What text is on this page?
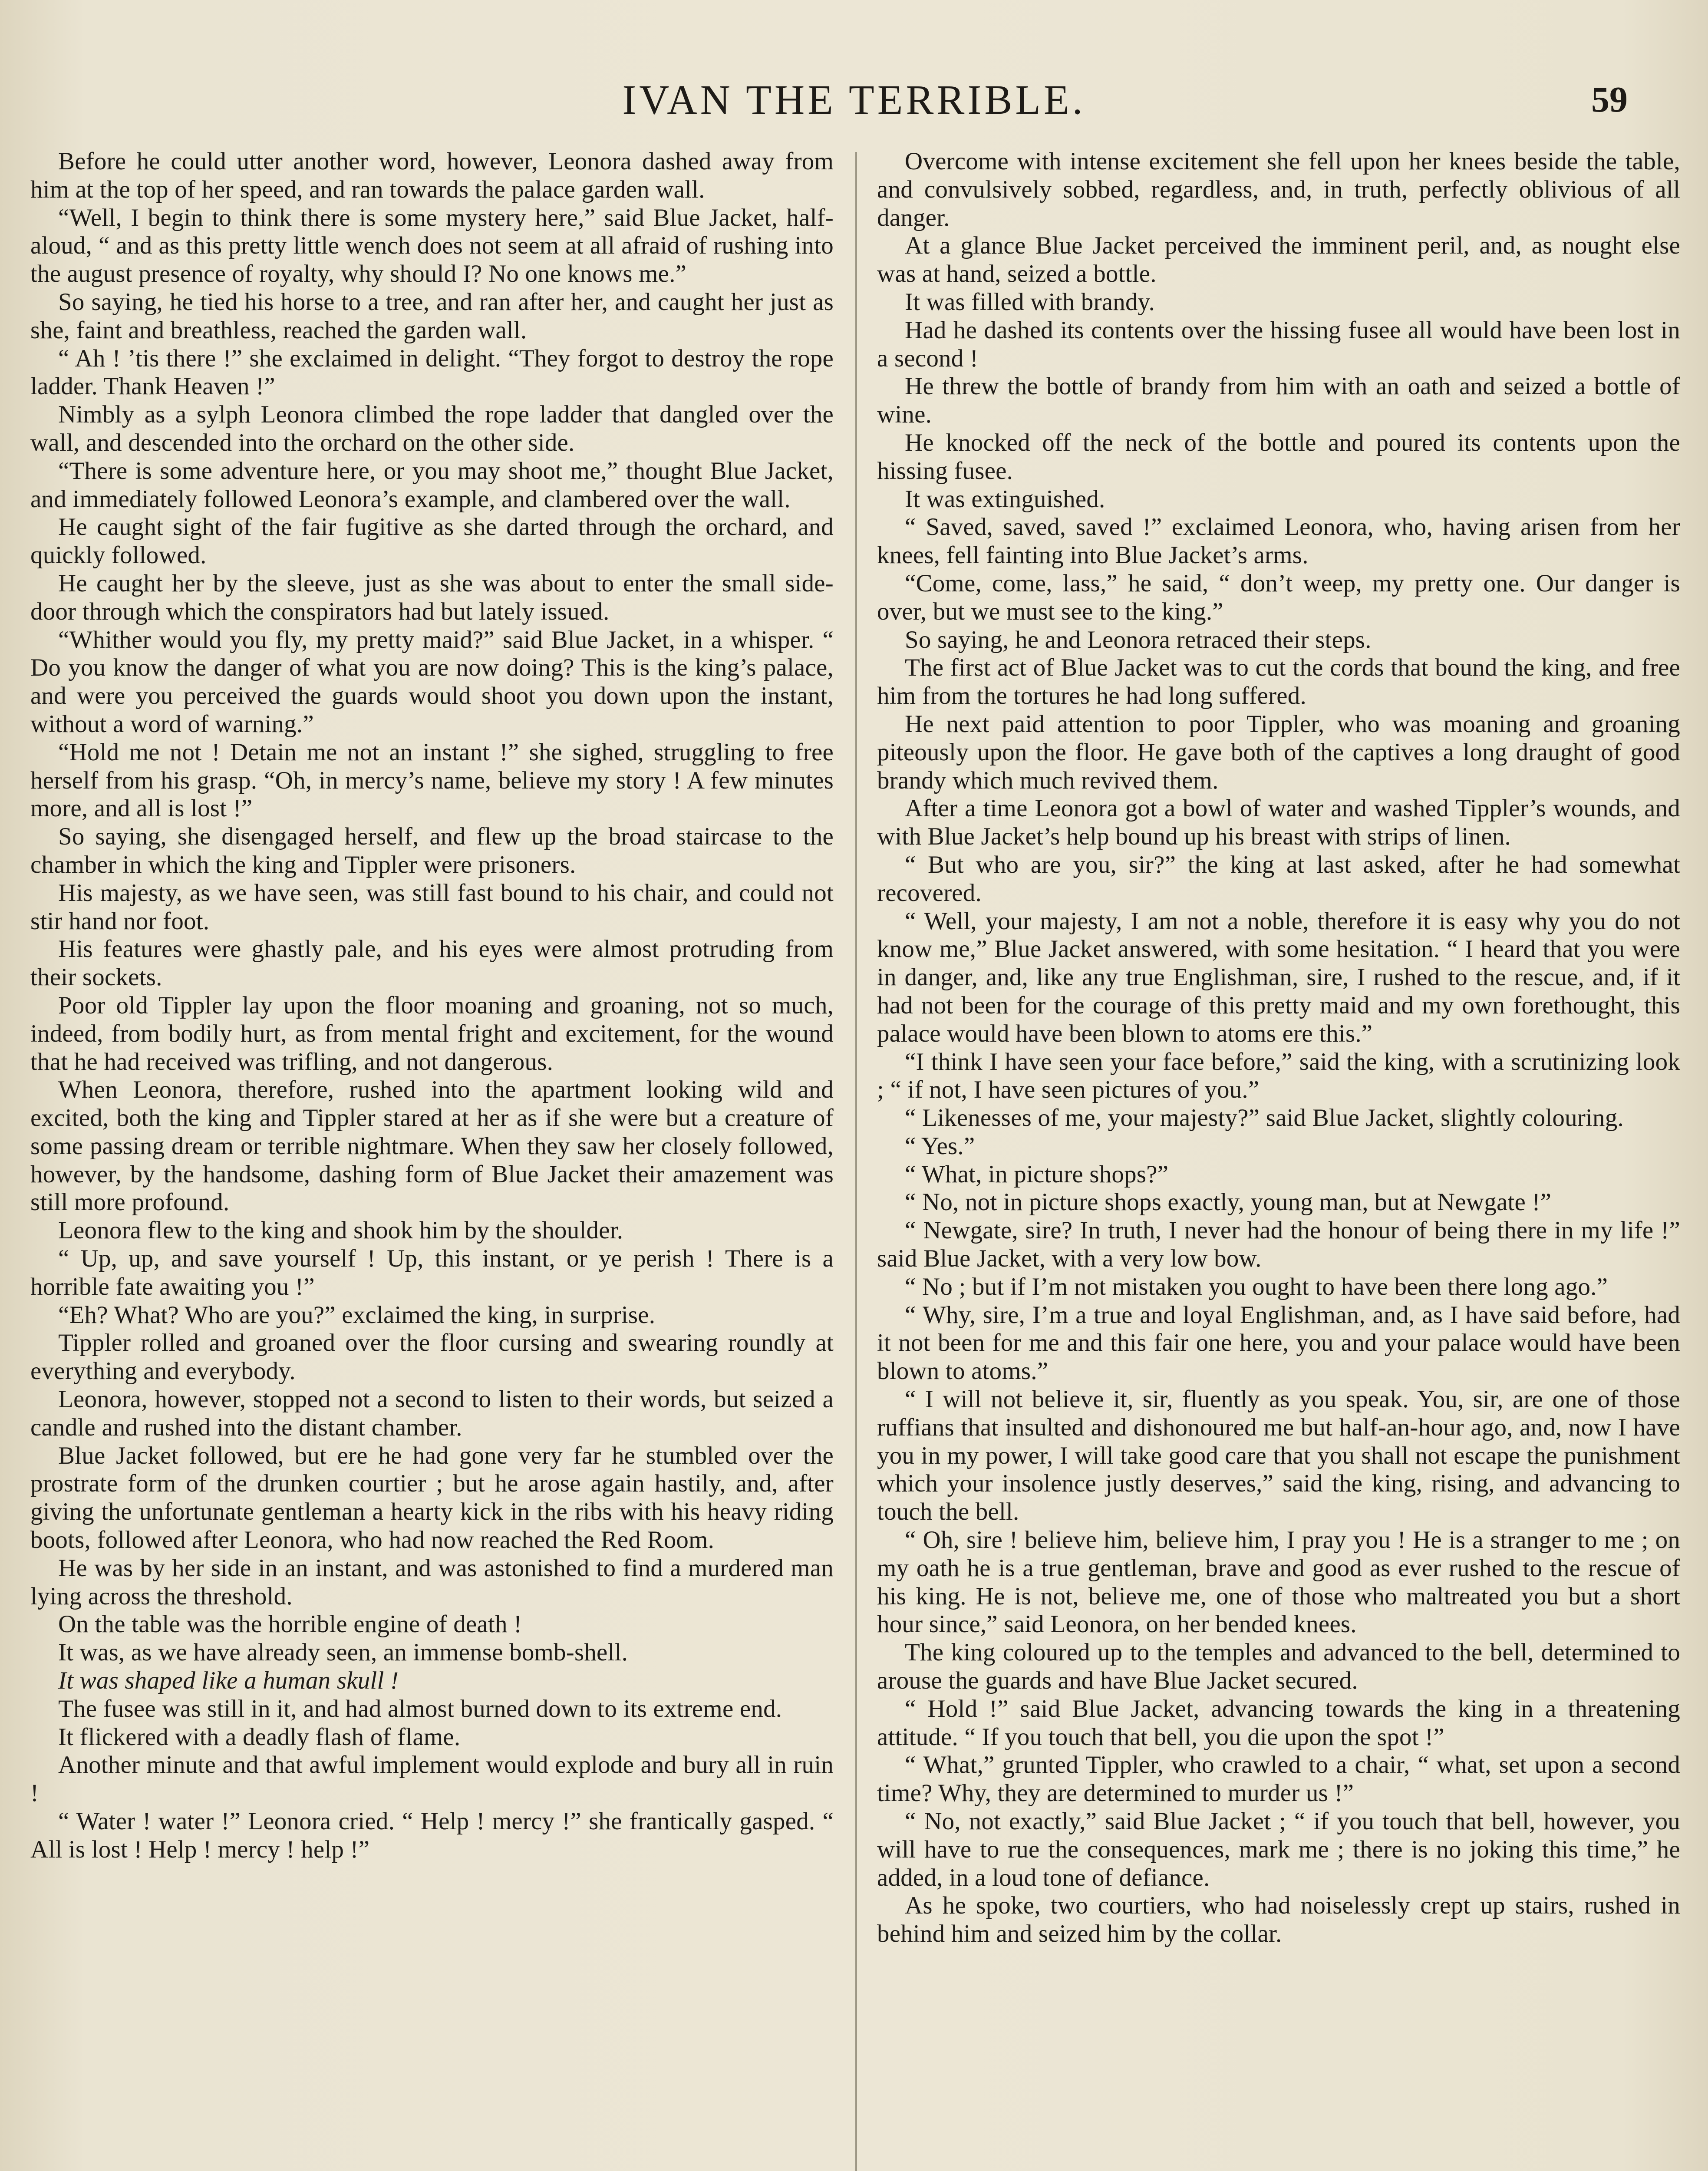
IVAN THE TERRIBLE.	59

Before he could utter another word, however, Leonora dashed away from him at the top of her speed, and ran towards the palace garden wall.

“Well, I begin to think there is some mystery here,” said Blue Jacket, half-aloud, “ and as this pretty little wench does not seem at all afraid of rushing into the august presence of royalty, why should I? No one knows me.”

So saying, he tied his horse to a tree, and ran after her, and caught her just as she, faint and breathless, reached the garden wall.

“ Ah ! ’tis there !” she exclaimed in delight. “They forgot to destroy the rope ladder. Thank Heaven !”

Nimbly as a sylph Leonora climbed the rope ladder that dangled over the wall, and descended into the orchard on the other side.

“There is some adventure here, or you may shoot me,” thought Blue Jacket, and immediately followed Leonora’s example, and clambered over the wall.

He caught sight of the fair fugitive as she darted through the orchard, and quickly followed.

He caught her by the sleeve, just as she was about to enter the small side-door through which the conspirators had but lately issued.

“Whither would you fly, my pretty maid?” said Blue Jacket, in a whisper. “ Do you know the danger of what you are now doing? This is the king’s palace, and were you perceived the guards would shoot you down upon the instant, without a word of warning.”

“Hold me not ! Detain me not an instant !” she sighed, struggling to free herself from his grasp. “Oh, in mercy’s name, believe my story ! A few minutes more, and all is lost !”

So saying, she disengaged herself, and flew up the broad staircase to the chamber in which the king and Tippler were prisoners.

His majesty, as we have seen, was still fast bound to his chair, and could not stir hand nor foot.

His features were ghastly pale, and his eyes were almost protruding from their sockets.

Poor old Tippler lay upon the floor moaning and groaning, not so much, indeed, from bodily hurt, as from mental fright and excitement, for the wound that he had received was trifling, and not dangerous.

When Leonora, therefore, rushed into the apartment looking wild and excited, both the king and Tippler stared at her as if she were but a creature of some passing dream or terrible nightmare. When they saw her closely followed, however, by the handsome, dashing form of Blue Jacket their amazement was still more profound.

Leonora flew to the king and shook him by the shoulder.

“ Up, up, and save yourself ! Up, this instant, or ye perish ! There is a horrible fate awaiting you !”

“Eh? What? Who are you?” exclaimed the king, in surprise.

Tippler rolled and groaned over the floor cursing and swearing roundly at everything and everybody.

Leonora, however, stopped not a second to listen to their words, but seized a candle and rushed into the distant chamber.

Blue Jacket followed, but ere he had gone very far he stumbled over the prostrate form of the drunken courtier ; but he arose again hastily, and, after giving the unfortunate gentleman a hearty kick in the ribs with his heavy riding boots, followed after Leonora, who had now reached the Red Room.

He was by her side in an instant, and was astonished to find a murdered man lying across the threshold.

On the table was the horrible engine of death !

It was, as we have already seen, an immense bomb-shell.

It was shaped like a human skull !

The fusee was still in it, and had almost burned down to its extreme end.

It flickered with a deadly flash of flame.

Another minute and that awful implement would explode and bury all in ruin !

“ Water ! water !” Leonora cried. “ Help ! mercy !” she frantically gasped. “ All is lost ! Help ! mercy ! help !”

Overcome with intense excitement she fell upon her knees beside the table, and convulsively sobbed, regardless, and, in truth, perfectly oblivious of all danger.

At a glance Blue Jacket perceived the imminent peril, and, as nought else was at hand, seized a bottle.

It was filled with brandy.

Had he dashed its contents over the hissing fusee all would have been lost in a second !

He threw the bottle of brandy from him with an oath and seized a bottle of wine.

He knocked off the neck of the bottle and poured its contents upon the hissing fusee.

It was extinguished.

“ Saved, saved, saved !” exclaimed Leonora, who, having arisen from her knees, fell fainting into Blue Jacket’s arms.

“Come, come, lass,” he said, “ don’t weep, my pretty one. Our danger is over, but we must see to the king.”

So saying, he and Leonora retraced their steps.

The first act of Blue Jacket was to cut the cords that bound the king, and free him from the tortures he had long suffered.

He next paid attention to poor Tippler, who was moaning and groaning piteously upon the floor. He gave both of the captives a long draught of good brandy which much revived them.

After a time Leonora got a bowl of water and washed Tippler’s wounds, and with Blue Jacket’s help bound up his breast with strips of linen.

“ But who are you, sir?” the king at last asked, after he had somewhat recovered.

“ Well, your majesty, I am not a noble, therefore it is easy why you do not know me,” Blue Jacket answered, with some hesitation. “ I heard that you were in danger, and, like any true Englishman, sire, I rushed to the rescue, and, if it had not been for the courage of this pretty maid and my own forethought, this palace would have been blown to atoms ere this.”

“I think I have seen your face before,” said the king, with a scrutinizing look ; “ if not, I have seen pictures of you.”

“ Likenesses of me, your majesty?” said Blue Jacket, slightly colouring.

“ Yes.”

“ What, in picture shops?”

“ No, not in picture shops exactly, young man, but at Newgate !”

“ Newgate, sire? In truth, I never had the honour of being there in my life !” said Blue Jacket, with a very low bow.

“ No ; but if I’m not mistaken you ought to have been there long ago.”

“ Why, sire, I’m a true and loyal Englishman, and, as I have said before, had it not been for me and this fair one here, you and your palace would have been blown to atoms.”

“ I will not believe it, sir, fluently as you speak. You, sir, are one of those ruffians that insulted and dishonoured me but half-an-hour ago, and, now I have you in my power, I will take good care that you shall not escape the punishment which your insolence justly deserves,” said the king, rising, and advancing to touch the bell.

“ Oh, sire ! believe him, believe him, I pray you ! He is a stranger to me ; on my oath he is a true gentleman, brave and good as ever rushed to the rescue of his king. He is not, believe me, one of those who maltreated you but a short hour since,” said Leonora, on her bended knees.

The king coloured up to the temples and advanced to the bell, determined to arouse the guards and have Blue Jacket secured.

“ Hold !” said Blue Jacket, advancing towards the king in a threatening attitude. “ If you touch that bell, you die upon the spot !”

“ What,” grunted Tippler, who crawled to a chair, “ what, set upon a second time? Why, they are determined to murder us !”

“ No, not exactly,” said Blue Jacket ; “ if you touch that bell, however, you will have to rue the consequences, mark me ; there is no joking this time,” he added, in a loud tone of defiance.

As he spoke, two courtiers, who had noiselessly crept up stairs, rushed in behind him and seized him by the collar.
